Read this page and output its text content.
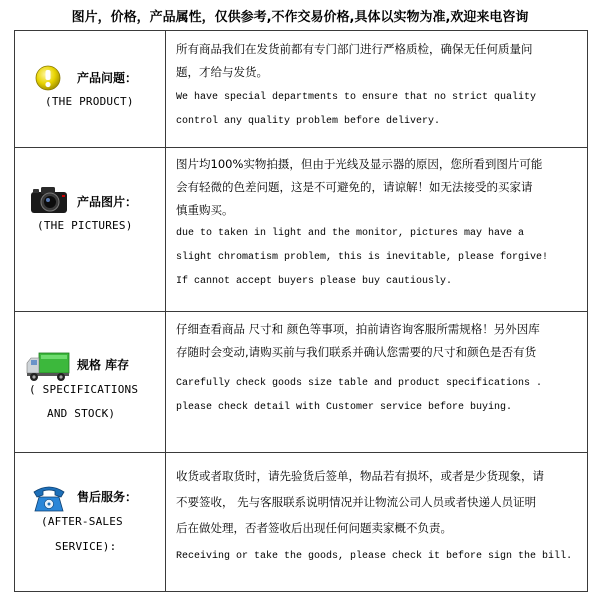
图片，价格，产品属性，仅供参考,不作交易价格,具体以实物为准,欢迎来电咨询
产品问题：
(THE PRODUCT)

所有商品我们在发货前都有专门部门进行严格质检，确保无任何质量问

题，才给与发货。

We have special departments to ensure that no strict quality

control any quality problem before delivery.

产品图片：
(THE PICTURES)

图片均100%实物拍摄，但由于光线及显示器的原因，您所看到图片可能

会有轻微的色差问题，这是不可避免的，请谅解！如无法接受的买家请

慎重购买。

due to taken in light and the monitor, pictures may have a

slight chromatism problem, this is inevitable, please forgive!

If cannot accept buyers please buy cautiously.

规格 库存
( SPECIFICATIONS
AND STOCK)

仔细查看商品 尺寸和 颜色等事项，拍前请咨询客服所需规格！另外因库

存随时会变动,请购买前与我们联系并确认您需要的尺寸和颜色是否有货

Carefully check goods size table and product specifications .

please check detail with Customer service before buying.

售后服务：
(AFTER-SALES
SERVICE):

收货或者取货时，请先验货后签单，物品若有损坏，或者是少货现象，请

不要签收， 先与客服联系说明情况并让物流公司人员或者快递人员证明

后在做处理，否者签收后出现任何问题卖家概不负责。

Receiving or take the goods, please check it before sign the bill.
